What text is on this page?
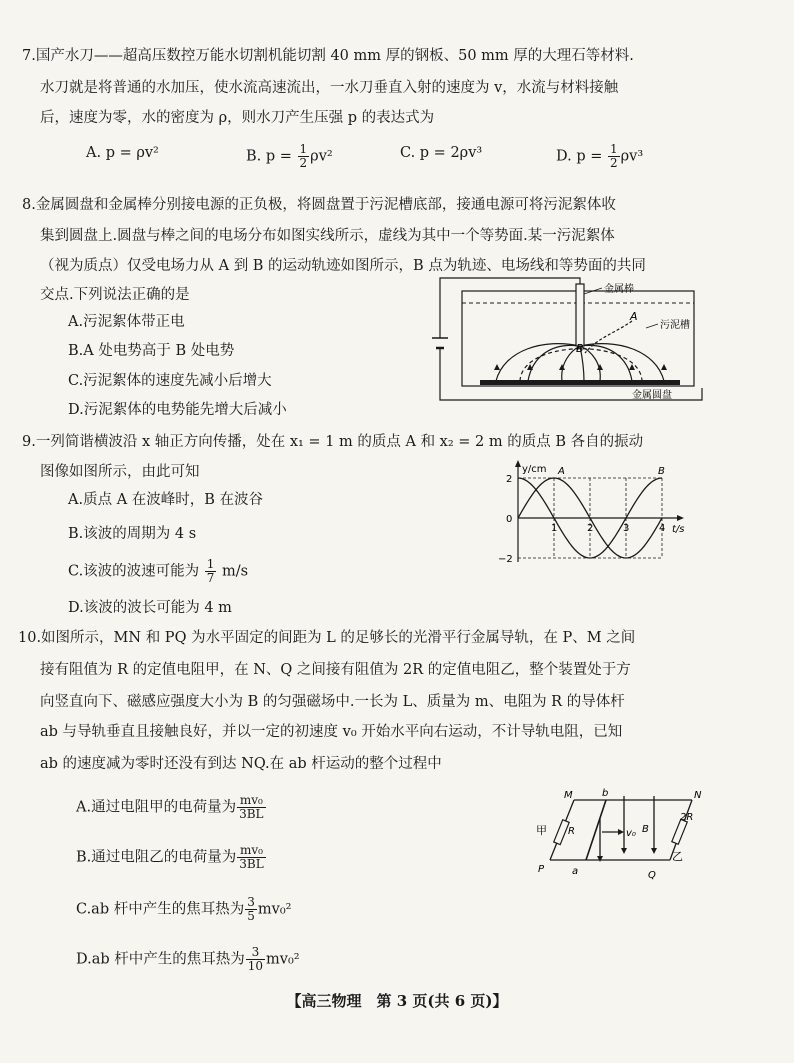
7.国产水刀——超高压数控万能水切割机能切割 40 mm 厚的钢板、50 mm 厚的大理石等材料.
水刀就是将普通的水加压，使水流高速流出，一水刀垂直入射的速度为 v，水流与材料接触
后，速度为零，水的密度为 ρ，则水刀产生压强 p 的表达式为
A. p = ρv²	B. $p = \frac{1}{2} \rho v^2$	C. p = 2ρv³	D. $p = \frac{1}{2} \rho v^3$
8.金属圆盘和金属棒分别接电源的正负极，将圆盘置于污泥槽底部，接通电源可将污泥絮体收
集到圆盘上.圆盘与棒之间的电场分布如图实线所示，虚线为其中一个等势面.某一污泥絮体
（视为质点）仅受电场力从 A 到 B 的运动轨迹如图所示，B 点为轨迹、电场线和等势面的共同
交点.下列说法正确的是
A.污泥絮体带正电
B.A 处电势高于 B 处电势
C.污泥絮体的速度先减小后增大
D.污泥絮体的电势能先增大后减小
金属棒
污泥槽
金属圆盘
A
B
9.一列简谐横波沿 x 轴正方向传播，处在 x₁ = 1 m 的质点 A 和 x₂ = 2 m 的质点 B 各自的振动
图像如图所示，由此可知
A.质点 A 在波峰时，B 在波谷
B.该波的周期为 4 s
C.该波的波速可能为 $\frac{1}{7} m/s$
D.该波的波长可能为 4 m
1	2	3	4
2
0
−2
y/cm
t/s
A	B
10.如图所示，MN 和 PQ 为水平固定的间距为 L 的足够长的光滑平行金属导轨，在 P、M 之间
接有阻值为 R 的定值电阻甲，在 N、Q 之间接有阻值为 2R 的定值电阻乙，整个装置处于方
向竖直向下、磁感应强度大小为 B 的匀强磁场中.一长为 L、质量为 m、电阻为 R 的导体杆
ab 与导轨垂直且接触良好，并以一定的初速度 v₀ 开始水平向右运动，不计导轨电阻，已知
ab 的速度减为零时还没有到达 NQ.在 ab 杆运动的整个过程中
A.通过电阻甲的电荷量为 $\frac{\text{mv₀}}{3BL}$
B.通过电阻乙的电荷量为 $\frac{\text{mv₀}}{3BL}$
C.ab 杆中产生的焦耳热为 $\frac{3}{5} mv_0^2$
D.ab 杆中产生的焦耳热为 $\frac{3}{10} mv_0^2$
M	N
P
Q
b
a
R
2R
v₀ B
甲
乙
【高三物理　第 3 页(共 6 页)】
